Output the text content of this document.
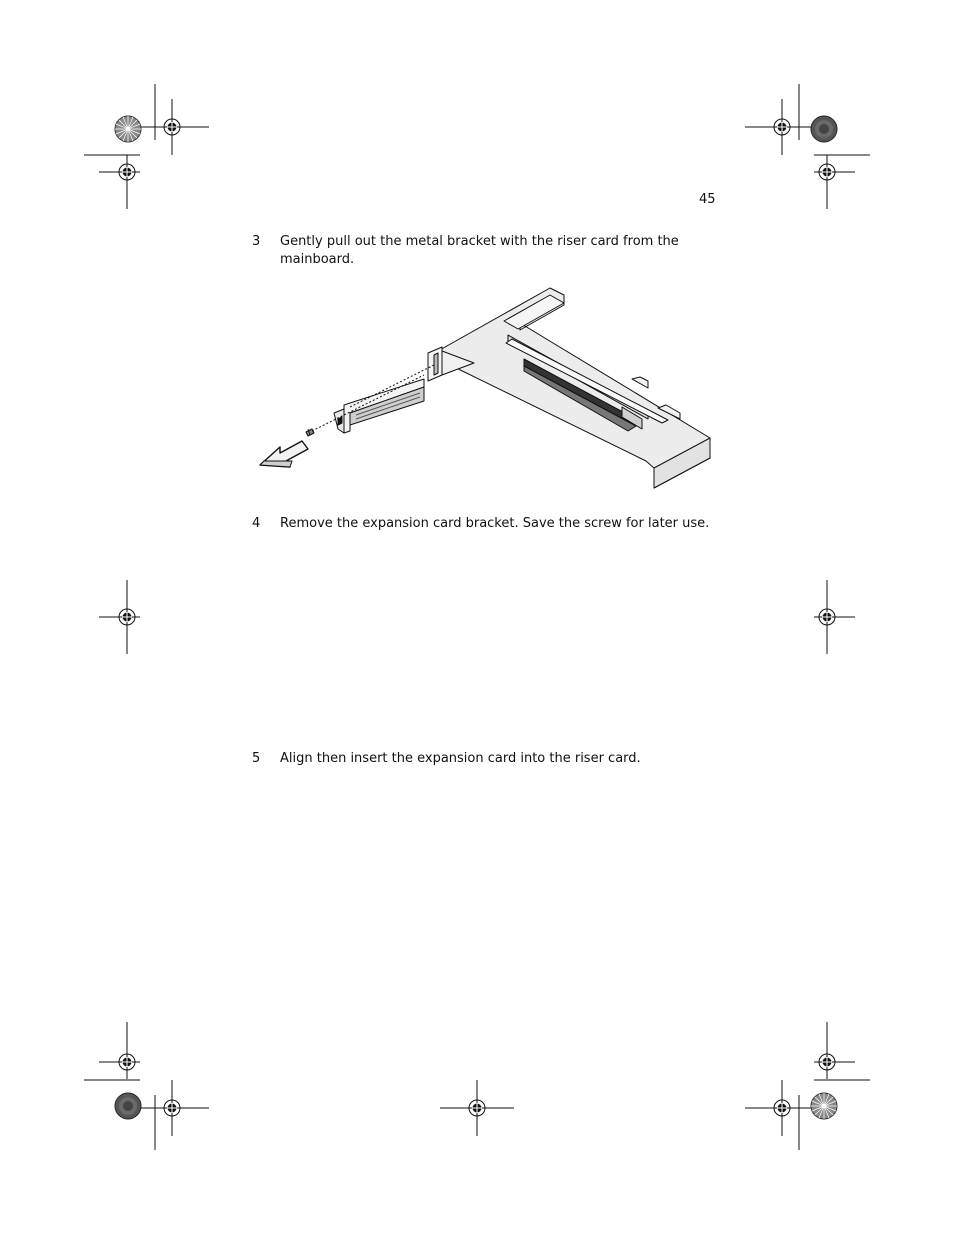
45
3 Gently pull out the metal bracket with the riser card from the mainboard.
4 Remove the expansion card bracket. Save the screw for later use.
5 Align then insert the expansion card into the riser card.
